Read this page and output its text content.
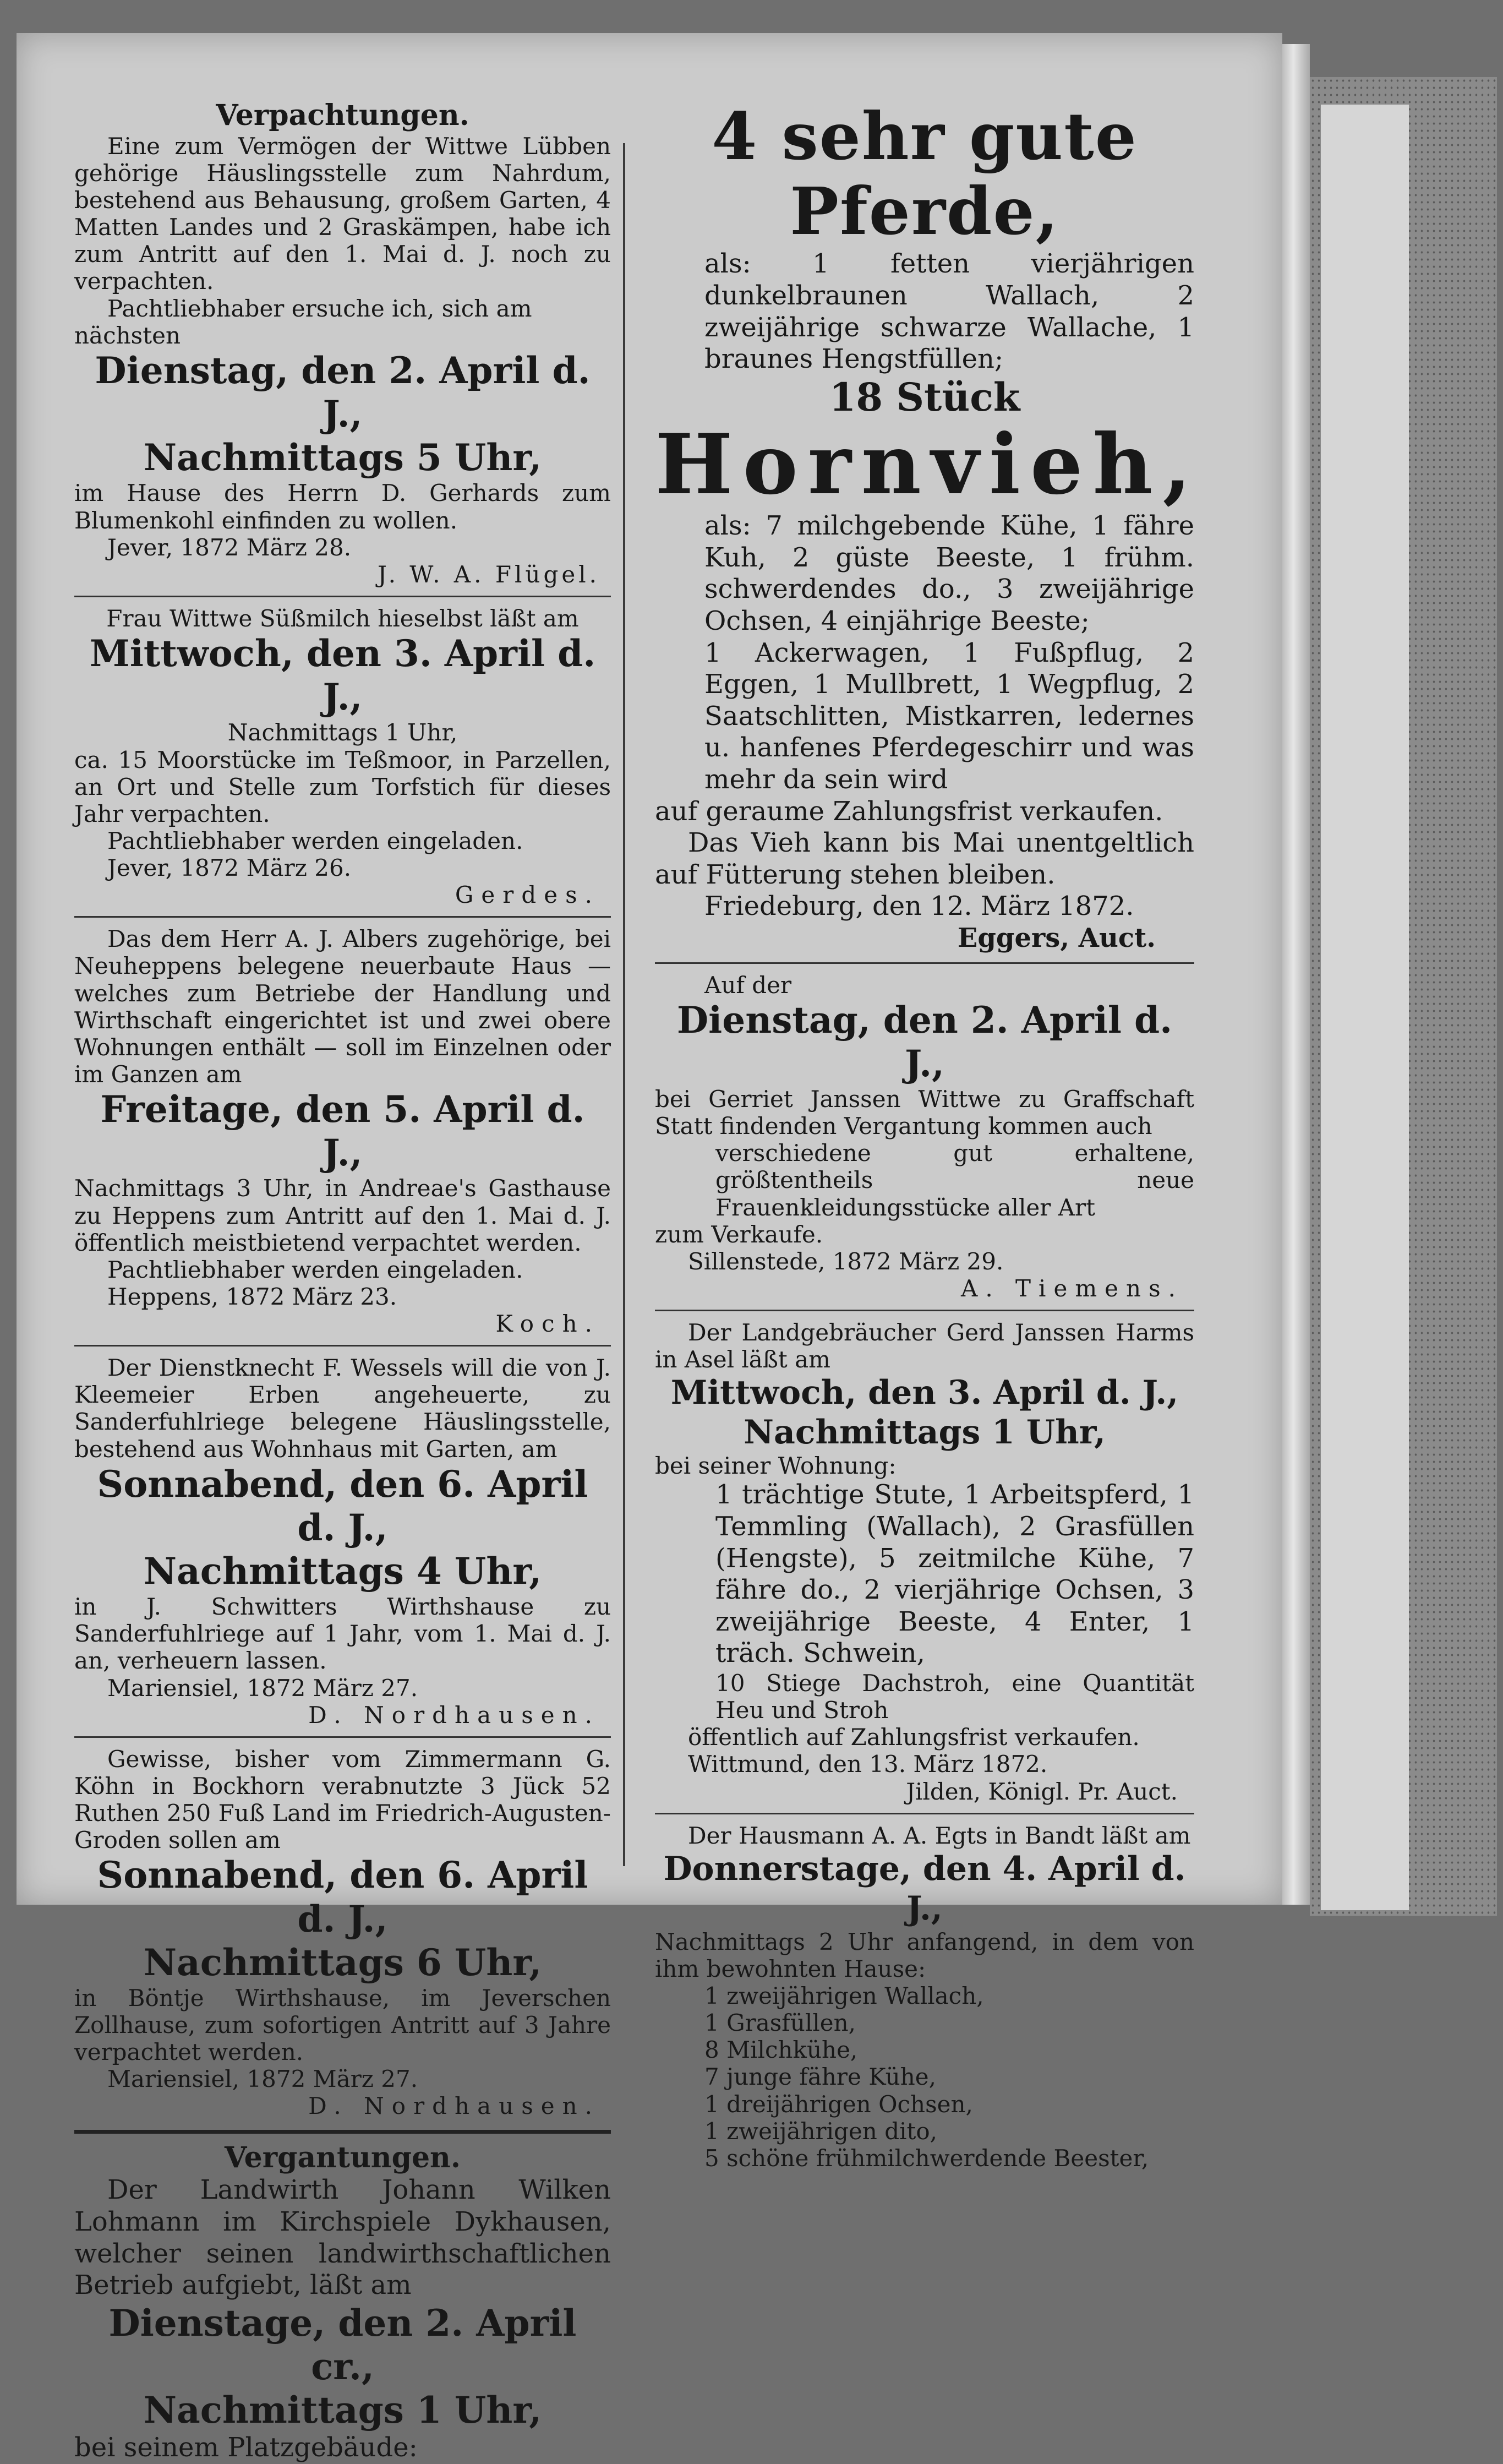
Verpachtungen.

Eine zum Vermögen der Wittwe Lübben gehörige Häuslingsstelle zum Nahrdum, bestehend aus Behausung, großem Garten, 4 Matten Landes und 2 Graskämpen, habe ich zum Antritt auf den 1. Mai d. J. noch zu verpachten.

Pachtliebhaber ersuche ich, sich am nächsten

Dienstag, den 2. April d. J.,

Nachmittags 5 Uhr,

im Hause des Herrn D. Gerhards zum Blumenkohl einfinden zu wollen.

Jever, 1872 März 28.

J. W. A. Flügel.

Frau Wittwe Süßmilch hieselbst läßt am

Mittwoch, den 3. April d. J.,

Nachmittags 1 Uhr,

ca. 15 Moorstücke im Teßmoor, in Parzellen, an Ort und Stelle zum Torfstich für dieses Jahr verpachten.

Pachtliebhaber werden eingeladen.

Jever, 1872 März 26.

Gerdes.

Das dem Herr A. J. Albers zugehörige, bei Neuheppens belegene neuerbaute Haus — welches zum Betriebe der Handlung und Wirthschaft eingerichtet ist und zwei obere Wohnungen enthält — soll im Einzelnen oder im Ganzen am

Freitage, den 5. April d. J.,

Nachmittags 3 Uhr, in Andreae's Gasthause zu Heppens zum Antritt auf den 1. Mai d. J. öffentlich meistbietend verpachtet werden.

Pachtliebhaber werden eingeladen.

Heppens, 1872 März 23.

Koch.

Der Dienstknecht F. Wessels will die von J. Kleemeier Erben angeheuerte, zu Sanderfuhlriege belegene Häuslingsstelle, bestehend aus Wohnhaus mit Garten, am

Sonnabend, den 6. April d. J.,

Nachmittags 4 Uhr,

in J. Schwitters Wirthshause zu Sanderfuhlriege auf 1 Jahr, vom 1. Mai d. J. an, verheuern lassen.

Mariensiel, 1872 März 27.

D. Nordhausen.

Gewisse, bisher vom Zimmermann G. Köhn in Bockhorn verabnutzte 3 Jück 52 Ruthen 250 Fuß Land im Friedrich-Augusten-Groden sollen am

Sonnabend, den 6. April d. J.,

Nachmittags 6 Uhr,

in Böntje Wirthshause, im Jeverschen Zollhause, zum sofortigen Antritt auf 3 Jahre verpachtet werden.

Mariensiel, 1872 März 27.

D. Nordhausen.

Vergantungen.

Der Landwirth Johann Wilken Lohmann im Kirchspiele Dykhausen, welcher seinen landwirthschaftlichen Betrieb aufgiebt, läßt am

Dienstage, den 2. April cr.,

Nachmittags 1 Uhr,

bei seinem Platzgebäude:

4 sehr gute Pferde,

als: 1 fetten vierjährigen dunkelbraunen Wallach, 2 zweijährige schwarze Wallache, 1 braunes Hengstfüllen;

18 Stück

Hornvieh,

als: 7 milchgebende Kühe, 1 fähre Kuh, 2 güste Beeste, 1 frühm. schwerdendes do., 3 zweijährige Ochsen, 4 einjährige Beeste;

1 Ackerwagen, 1 Fußpflug, 2 Eggen, 1 Mullbrett, 1 Wegpflug, 2 Saatschlitten, Mistkarren, ledernes u. hanfenes Pferdegeschirr und was mehr da sein wird

auf geraume Zahlungsfrist verkaufen.

Das Vieh kann bis Mai unentgeltlich auf Fütterung stehen bleiben.

Friedeburg, den 12. März 1872.

Eggers, Auct.

Auf der

Dienstag, den 2. April d. J.,

bei Gerriet Janssen Wittwe zu Graffschaft Statt findenden Vergantung kommen auch

verschiedene gut erhaltene, größtentheils neue Frauenkleidungsstücke aller Art

zum Verkaufe.

Sillenstede, 1872 März 29.

A. Tiemens.

Der Landgebräucher Gerd Janssen Harms in Asel läßt am

Mittwoch, den 3. April d. J.,

Nachmittags 1 Uhr,

bei seiner Wohnung:

1 trächtige Stute, 1 Arbeitspferd, 1 Temmling (Wallach), 2 Grasfüllen (Hengste), 5 zeitmilche Kühe, 7 fähre do., 2 vierjährige Ochsen, 3 zweijährige Beeste, 4 Enter, 1 träch. Schwein,

10 Stiege Dachstroh, eine Quantität Heu und Stroh

öffentlich auf Zahlungsfrist verkaufen.

Wittmund, den 13. März 1872.

Jilden, Königl. Pr. Auct.

Der Hausmann A. A. Egts in Bandt läßt am

Donnerstage, den 4. April d. J.,

Nachmittags 2 Uhr anfangend, in dem von ihm bewohnten Hause:

1 zweijährigen Wallach,

1 Grasfüllen,

8 Milchkühe,

7 junge fähre Kühe,

1 dreijährigen Ochsen,

1 zweijährigen dito,

5 schöne frühmilchwerdende Beester,
